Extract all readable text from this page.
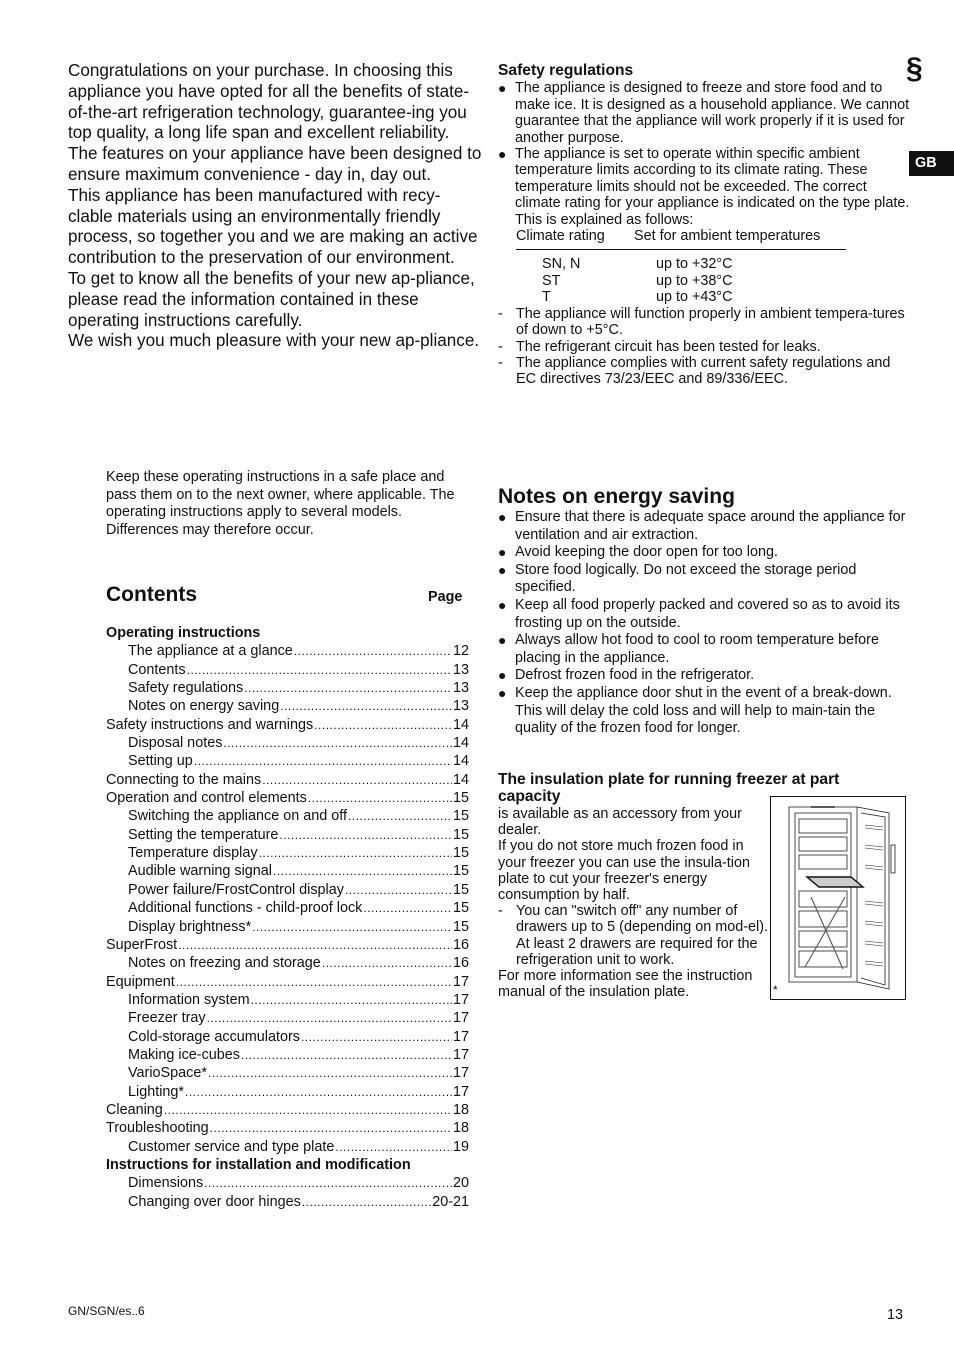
Congratulations on your purchase. In choosing this appliance you have opted for all the benefits of state-of-the-art refrigeration technology, guarantee-ing you top quality, a long life span and excellent reliability.

The features on your appliance have been designed to ensure maximum convenience - day in, day out.

This appliance has been manufactured with recy-clable materials using an environmentally friendly process, so together you and we are making an active contribution to the preservation of our environment.

To get to know all the benefits of your new ap-pliance, please read the information contained in these operating instructions carefully.

We wish you much pleasure with your new ap-pliance.

Keep these operating instructions in a safe place and pass them on to the next owner, where applicable. The operating instructions apply to several models. Differences may therefore occur.
Contents	Page
Operating instructions
The appliance at a glance .....	12
Contents .....	13
Safety regulations .....	13
Notes on energy saving .....	13
Safety instructions and warnings .....	14
Disposal notes .....	14
Setting up .....	14
Connecting to the mains .....	14
Operation and control elements .....	15
Switching the appliance on and off .....	15
Setting the temperature .....	15
Temperature display .....	15
Audible warning signal .....	15
Power failure/FrostControl display .....	15
Additional functions - child-proof lock .....	15
Display brightness* .....	15
SuperFrost .....	16
Notes on freezing and storage .....	16
Equipment .....	17
Information system .....	17
Freezer tray .....	17
Cold-storage accumulators .....	17
Making ice-cubes .....	17
VarioSpace* .....	17
Lighting* .....	17
Cleaning .....	18
Troubleshooting .....	18
Customer service and type plate .....	19
Instructions for installation and modification
Dimensions .....	20
Changing over door hinges .....	20-21
§
GB
Safety regulations
● The appliance is designed to freeze and store food and to make ice. It is designed as a household appliance. We cannot guarantee that the appliance will work properly if it is used for another purpose.
● The appliance is set to operate within specific ambient temperature limits according to its climate rating. These temperature limits should not be exceeded. The correct climate rating for your appliance is indicated on the type plate. This is explained as follows:
Climate rating	Set for ambient temperatures
SN, N	up to +32°C
ST	up to +38°C
T	up to +43°C
- The appliance will function properly in ambient tempera-tures of down to +5°C.
- The refrigerant circuit has been tested for leaks.
- The appliance complies with current safety regulations and EC directives 73/23/EEC and 89/336/EEC.
Notes on energy saving
● Ensure that there is adequate space around the appliance for ventilation and air extraction.
● Avoid keeping the door open for too long.
● Store food logically. Do not exceed the storage period specified.
● Keep all food properly packed and covered so as to avoid its frosting up on the outside.
● Always allow hot food to cool to room temperature before placing in the appliance.
● Defrost frozen food in the refrigerator.
● Keep the appliance door shut in the event of a break-down. This will delay the cold loss and will help to main-tain the quality of the frozen food for longer.
The insulation plate for running freezer at part capacity
is available as an accessory from your dealer.
If you do not store much frozen food in your freezer you can use the insula-tion plate to cut your freezer's energy consumption by half.
- You can "switch off" any number of drawers up to 5 (depending on mod-el). At least 2 drawers are required for the refrigeration unit to work.
For more information see the instruction manual of the insulation plate.	*
GN/SGN/es..6	13
